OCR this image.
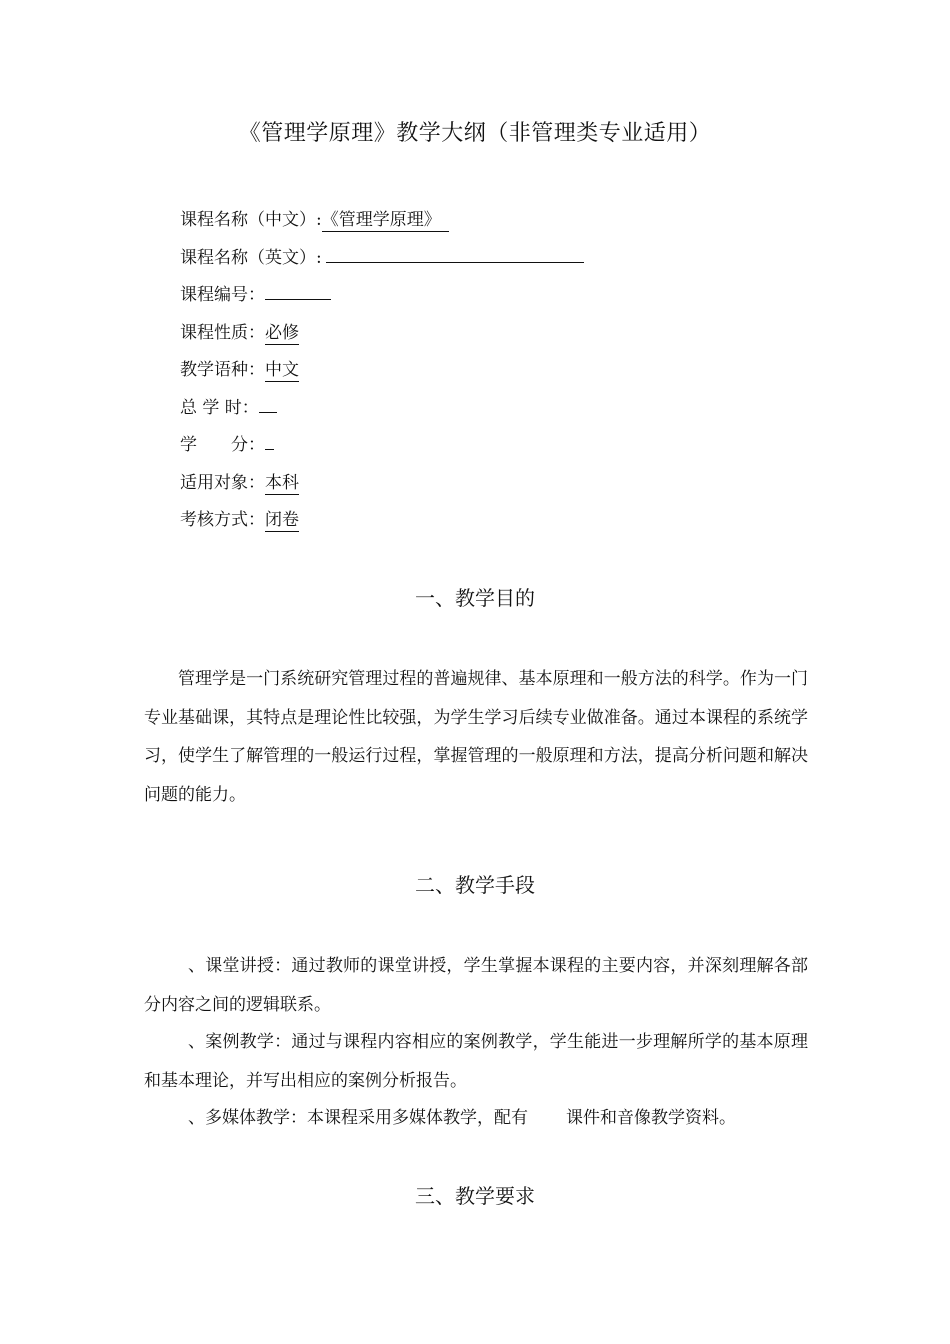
《管理学原理》教学大纲（非管理类专业适用）
课程名称（中文）:《管理学原理》
课程名称（英文）:
课程编号：
课程性质：必修
教学语种：中文
总 学 时：
学　　分：
适用对象：本科
考核方式：闭卷
一、教学目的
管理学是一门系统研究管理过程的普遍规律、基本原理和一般方法的科学。作为一门专业基础课，其特点是理论性比较强，为学生学习后续专业做准备。通过本课程的系统学习，使学生了解管理的一般运行过程，掌握管理的一般原理和方法，提高分析问题和解决问题的能力。
二、教学手段
、课堂讲授：通过教师的课堂讲授，学生掌握本课程的主要内容，并深刻理解各部分内容之间的逻辑联系。
、案例教学：通过与课程内容相应的案例教学，学生能进一步理解所学的基本原理和基本理论，并写出相应的案例分析报告。
、多媒体教学：本课程采用多媒体教学，配有 课件和音像教学资料。
三、教学要求
